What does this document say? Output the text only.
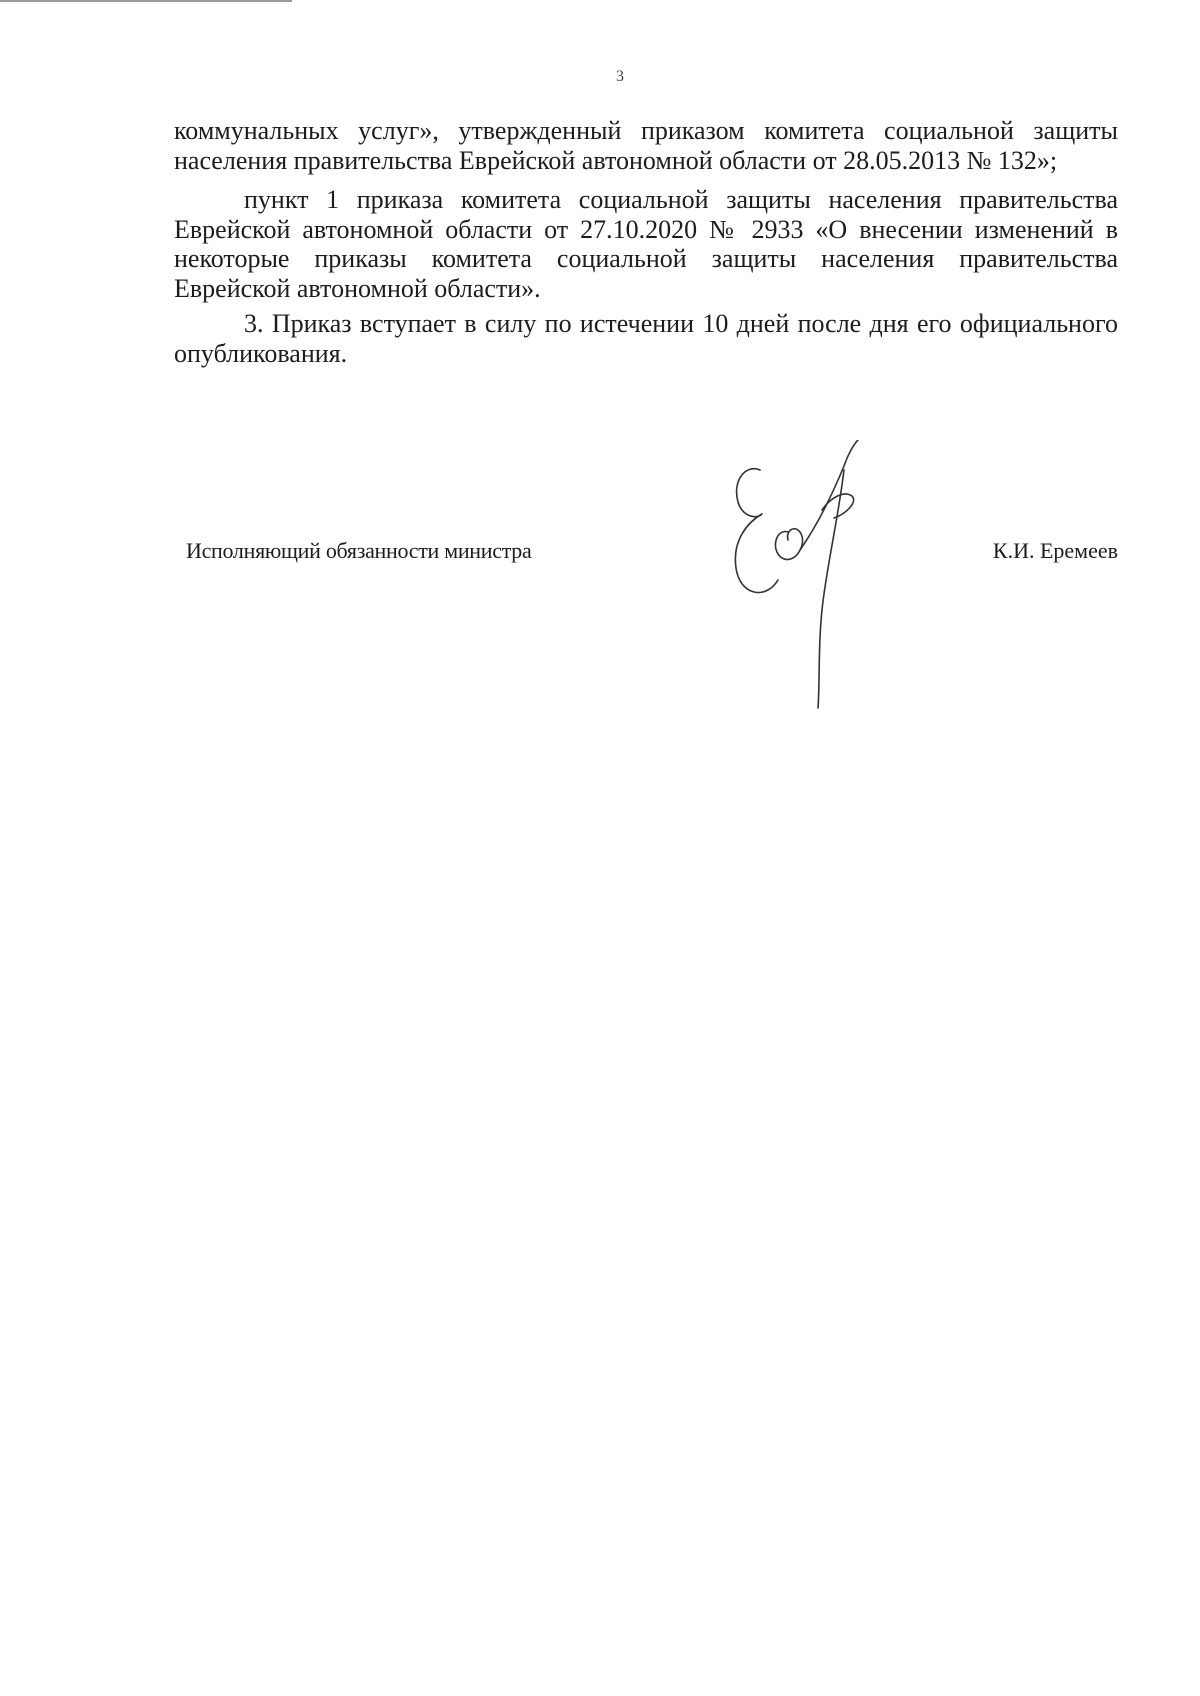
3

коммунальных услуг», утвержденный приказом комитета социальной защиты населения правительства Еврейской автономной области от 28.05.2013 № 132»;

пункт 1 приказа комитета социальной защиты населения правительства Еврейской автономной области от 27.10.2020 № 2933 «О внесении изменений в некоторые приказы комитета социальной защиты населения правительства Еврейской автономной области».

3. Приказ вступает в силу по истечении 10 дней после дня его официального опубликования.

Исполняющий обязанности министра	К.И. Еремеев
